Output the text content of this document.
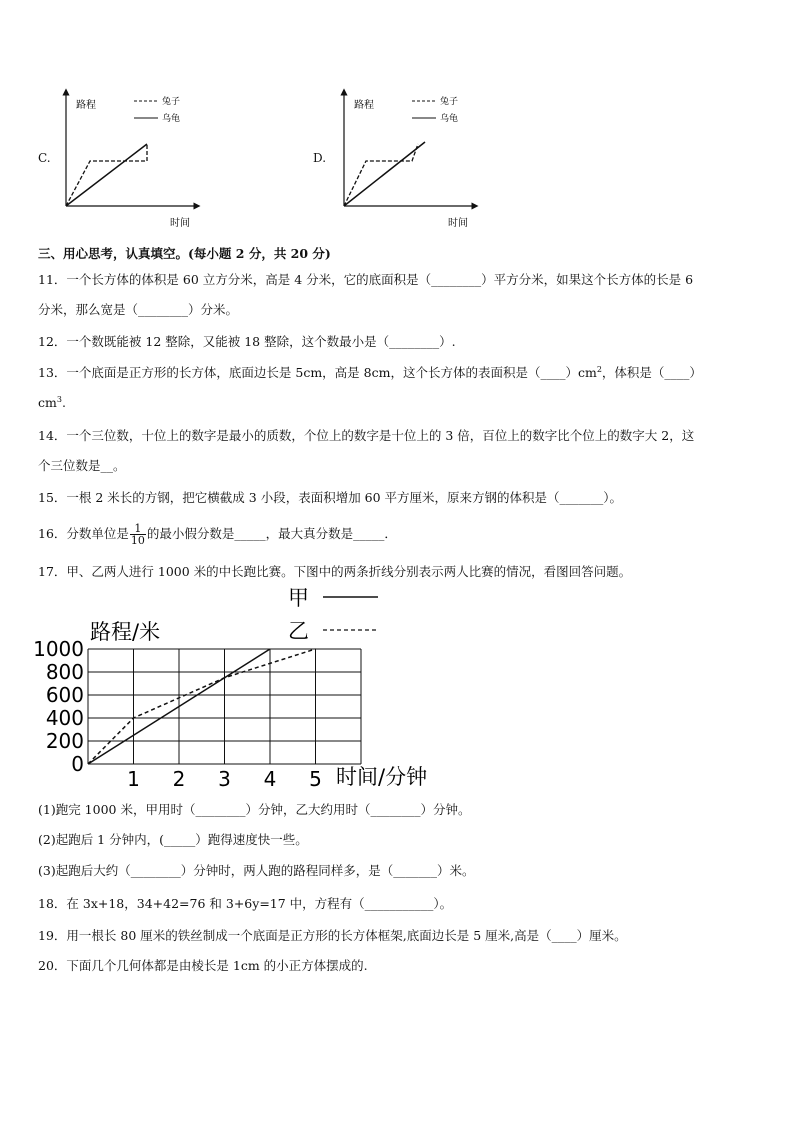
C.
路程
时间
兔子
乌龟
D.
路程
时间
兔子
乌龟
三、用心思考，认真填空。(每小题 2 分，共 20 分)
11．一个长方体的体积是 60 立方分米，高是 4 分米，它的底面积是（________）平方分米，如果这个长方体的长是 6
分米，那么宽是（________）分米。
12．一个数既能被 12 整除，又能被 18 整除，这个数最小是（________）.
13．一个底面是正方形的长方体，底面边长是 5cm，高是 8cm，这个长方体的表面积是$(\_\_\_\_)cm^2$，体积是（____）
$cm^3$.
14．一个三位数，十位上的数字是最小的质数，个位上的数字是十位上的 3 倍，百位上的数字比个位上的数字大 2，这
个三位数是__。
15．一根 2 米长的方钢，把它横截成 3 小段，表面积增加 60 平方厘米，原来方钢的体积是（_______）。
16．分数单位是 $\frac{1}{10}$ 的最小假分数是_____，最大真分数是_____．
17．甲、乙两人进行 1000 米的中长跑比赛。下图中的两条折线分别表示两人比赛的情况，看图回答问题。
路程/米
时间/分钟
甲
乙
0
200
400
600
800
1000
1 2 3 4 5
(1)跑完 1000 米，甲用时（________）分钟，乙大约用时（________）分钟。
(2)起跑后 1 分钟内，(_____）跑得速度快一些。
(3)起跑后大约（________）分钟时，两人跑的路程同样多，是（_______）米。
18．在 3x+18，34+42=76 和 3+6y=17 中，方程有（___________）。
19．用一根长 80 厘米的铁丝制成一个底面是正方形的长方体框架,底面边长是 5 厘米,高是（____）厘米。
20．下面几个几何体都是由棱长是 1cm 的小正方体摆成的.
